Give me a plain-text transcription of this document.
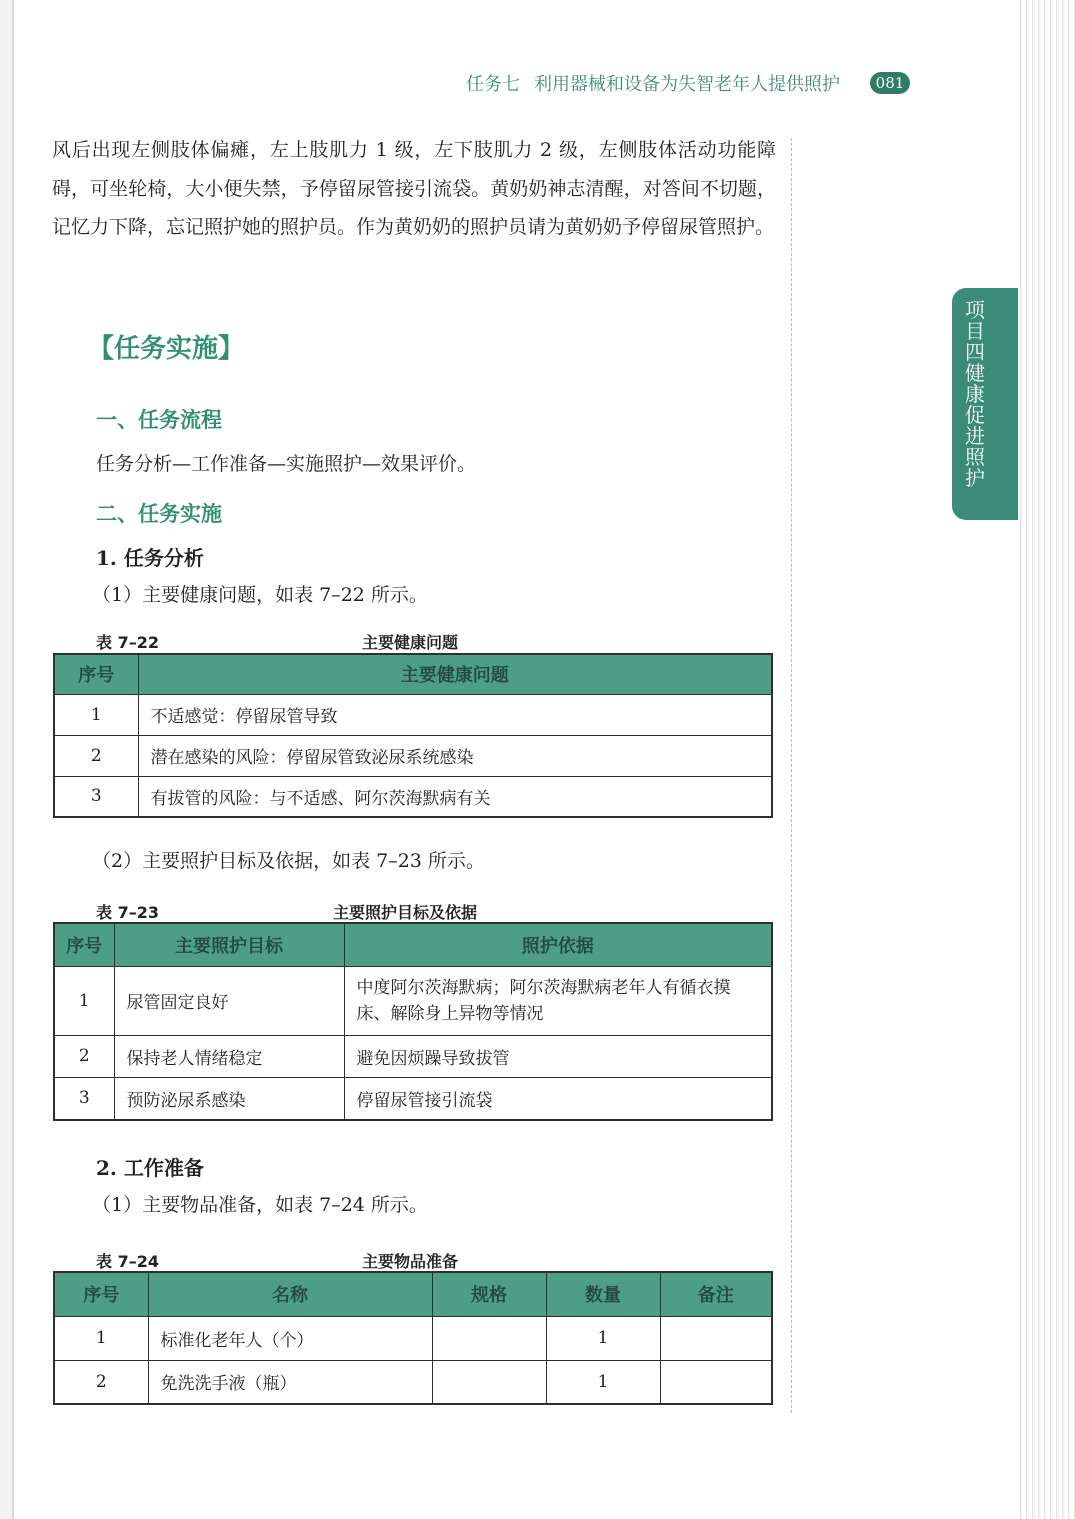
任务七 利用器械和设备为失智老年人提供照护	081
项目四健康促进照护
风后出现左侧肢体偏瘫，左上肢肌力 1 级，左下肢肌力 2 级，左侧肢体活动功能障碍，可坐轮椅，大小便失禁，予停留尿管接引流袋。黄奶奶神志清醒，对答间不切题，记忆力下降，忘记照护她的照护员。作为黄奶奶的照护员请为黄奶奶予停留尿管照护。
【任务实施】
一、任务流程
任务分析—工作准备—实施照护—效果评价。
二、任务实施
1. 任务分析
（1）主要健康问题，如表 7–22 所示。
表 7–22	主要健康问题
序号	主要健康问题
1	不适感觉：停留尿管导致
2	潜在感染的风险：停留尿管致泌尿系统感染
3	有拔管的风险：与不适感、阿尔茨海默病有关
（2）主要照护目标及依据，如表 7–23 所示。
表 7–23	主要照护目标及依据
序号	主要照护目标	照护依据
1	尿管固定良好	中度阿尔茨海默病；阿尔茨海默病老年人有循衣摸床、解除身上异物等情况
2	保持老人情绪稳定	避免因烦躁导致拔管
3	预防泌尿系感染	停留尿管接引流袋
2. 工作准备
（1）主要物品准备，如表 7–24 所示。
表 7–24	主要物品准备
序号	名称	规格	数量	备注
1	标准化老年人（个）		1	
2	免洗洗手液（瓶）		1	
